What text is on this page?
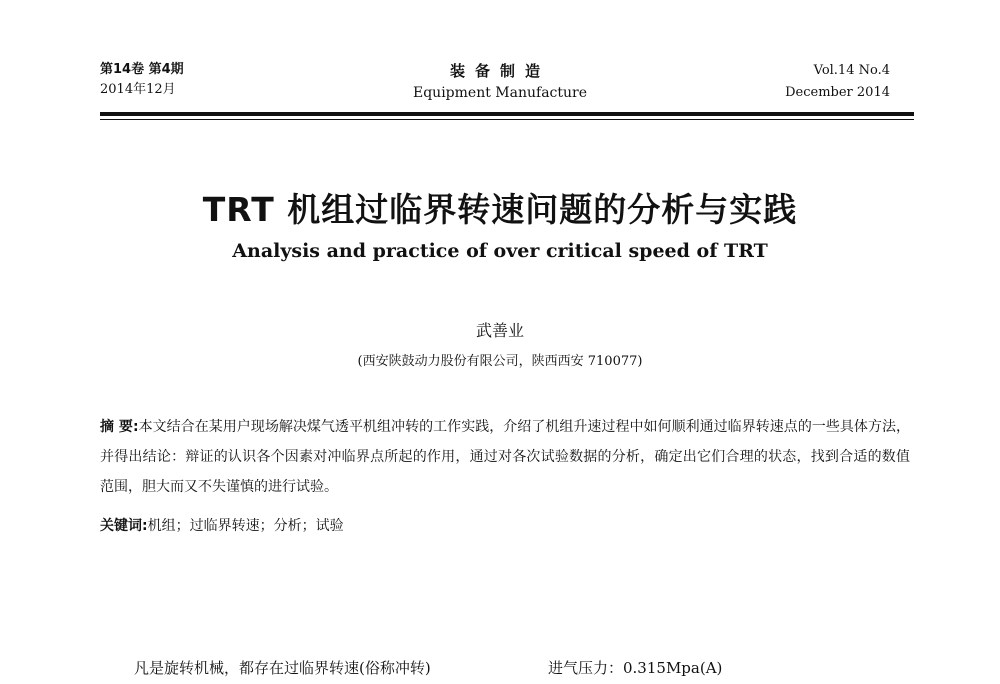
第14卷 第4期
2014年12月
装备制造
Equipment Manufacture
Vol.14 No.4
December 2014
TRT 机组过临界转速问题的分析与实践
Analysis and practice of over critical speed of TRT
武善业
(西安陕鼓动力股份有限公司，陕西西安 710077)
摘 要:本文结合在某用户现场解决煤气透平机组冲转的工作实践，介绍了机组升速过程中如何顺利通过临界转速点的一些具体方法，并得出结论：辩证的认识各个因素对冲临界点所起的作用，通过对各次试验数据的分析，确定出它们合理的状态，找到合适的数值范围，胆大而又不失谨慎的进行试验。
关键词:机组；过临界转速；分析；试验
凡是旋转机械，都存在过临界转速(俗称冲转)	进气压力：0.315Mpa(A)
